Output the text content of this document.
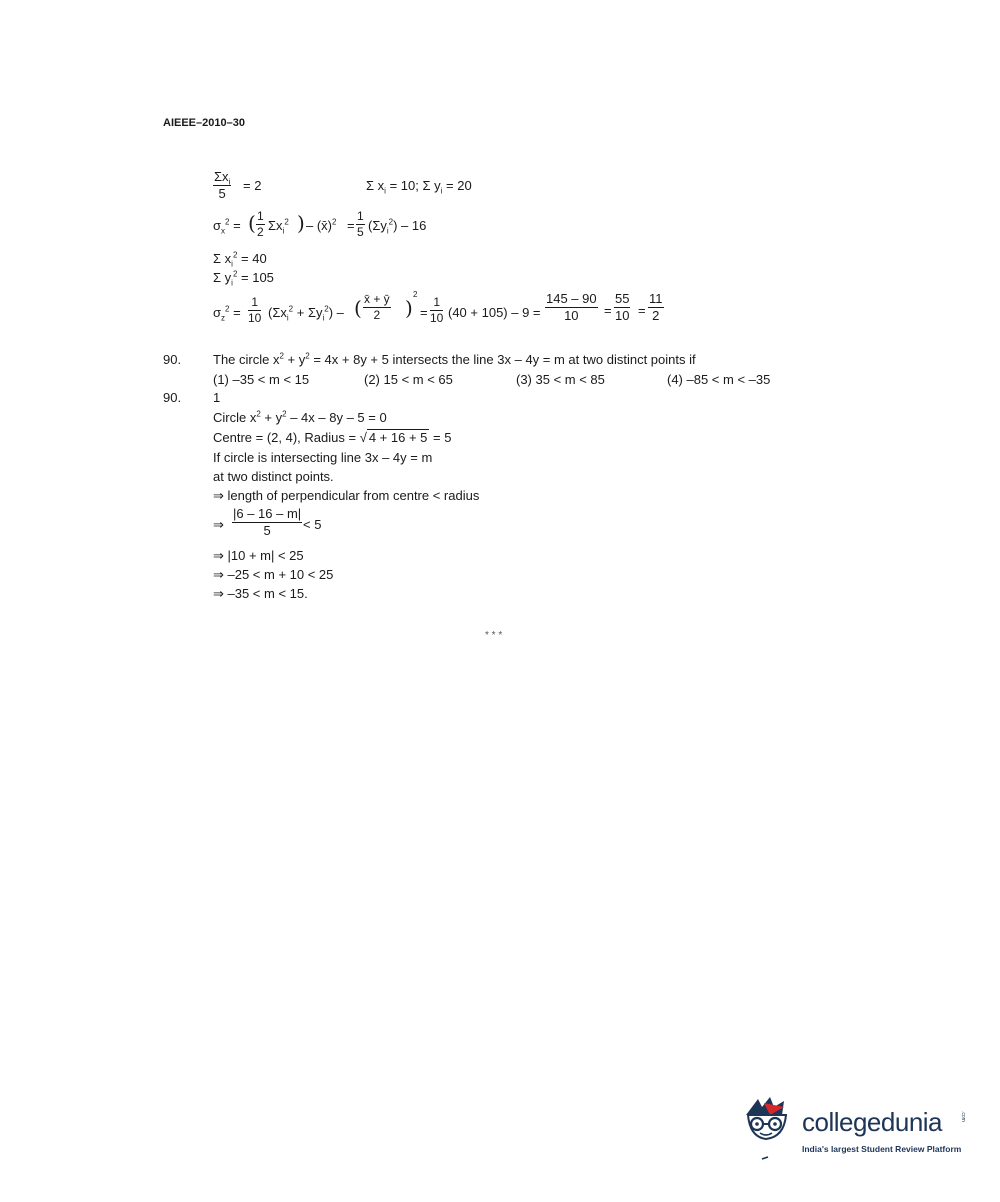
AIEEE–2010–30
$\Sigma x_i$
5
= 2	Σ $x_i = 10$; Σ $y_i = 20$
$\sigma_x^2$ = ( $\frac{1}{2} \Sigma x_i^2$ ) – (x̄)$^2$ = $\frac{1}{5} (\Sigma y_i^2) - 16$
Σ $x_i^2 = 40$
Σ $y_i^2 = 105$
$\sigma_z^2 = \frac{1}{10} (\Sigma x_i^2 + \Sigma y_i^2)$ – ( $\frac{x̄ + ȳ}{2}$ )
2
= $\frac{1}{10} (40 + 105) - 9 = \frac{145 - 90}{10} = \frac{55}{10} = \frac{11}{2}$
90. The circle $x^2 + y^2 = 4x + 8y + 5$ intersects the line 3x – 4y = m at two distinct points if
(1) –35 < m < 15	(2) 15 < m < 65	(3) 35 < m < 85	(4) –85 < m < –35
90. 1
Circle $x^2 + y^2 - 4x - 8y - 5 = 0$
Centre = (2, 4), Radius = √ 4 + 16 + 5 = 5
If circle is intersecting line 3x – 4y = m
at two distinct points.
⇒ length of perpendicular from centre < radius
⇒ $\frac{|6 - 16 - m|}{5} < 5$
⇒ |10 + m| < 25
⇒ –25 < m + 10 < 25
⇒ –35 < m < 15.
* * *
collegedunia	.com
India's largest Student Review Platform
